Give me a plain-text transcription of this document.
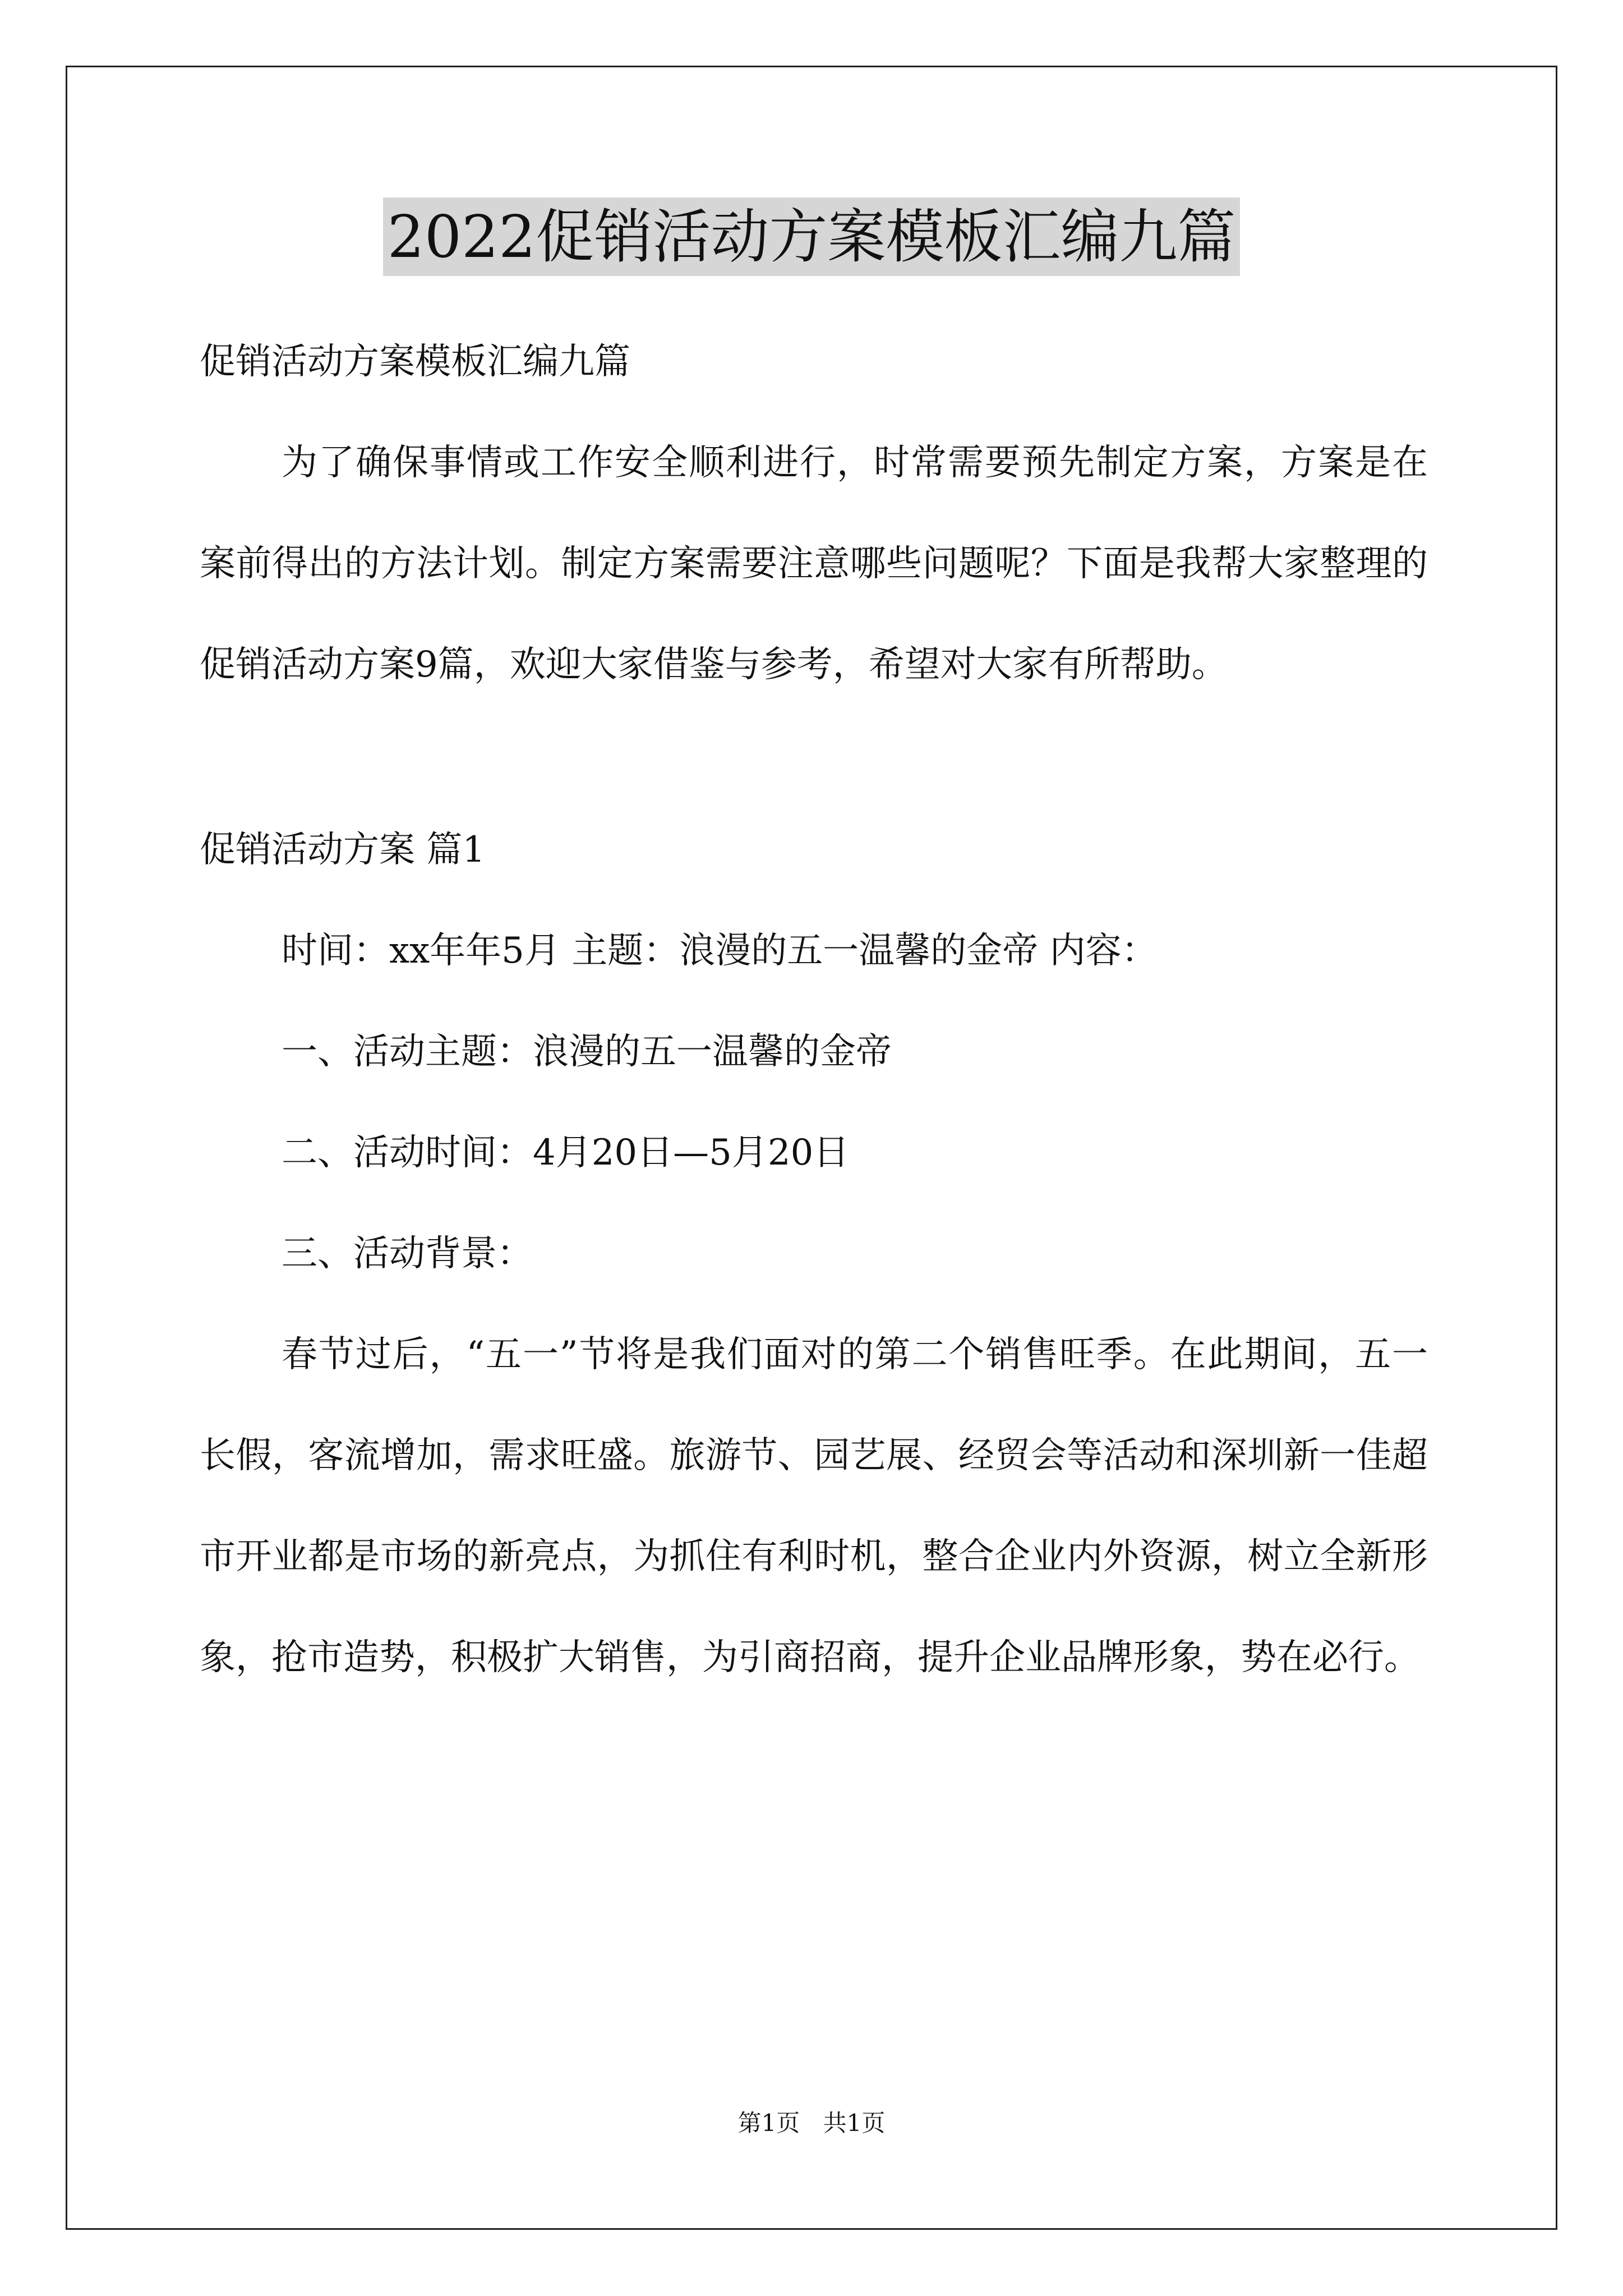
2022促销活动方案模板汇编九篇

促销活动方案模板汇编九篇

为了确保事情或工作安全顺利进行，时常需要预先制定方案，方案是在案前得出的方法计划。制定方案需要注意哪些问题呢？下面是我帮大家整理的促销活动方案9篇，欢迎大家借鉴与参考，希望对大家有所帮助。

促销活动方案 篇1

时间：xx年年5月 主题：浪漫的五一温馨的金帝 内容：

一、活动主题：浪漫的五一温馨的金帝

二、活动时间：4月20日—5月20日

三、活动背景：

春节过后，“五一”节将是我们面对的第二个销售旺季。在此期间，五一长假，客流增加，需求旺盛。旅游节、园艺展、经贸会等活动和深圳新一佳超市开业都是市场的新亮点，为抓住有利时机，整合企业内外资源，树立全新形象，抢市造势，积极扩大销售，为引商招商，提升企业品牌形象，势在必行。

第1页 共1页
